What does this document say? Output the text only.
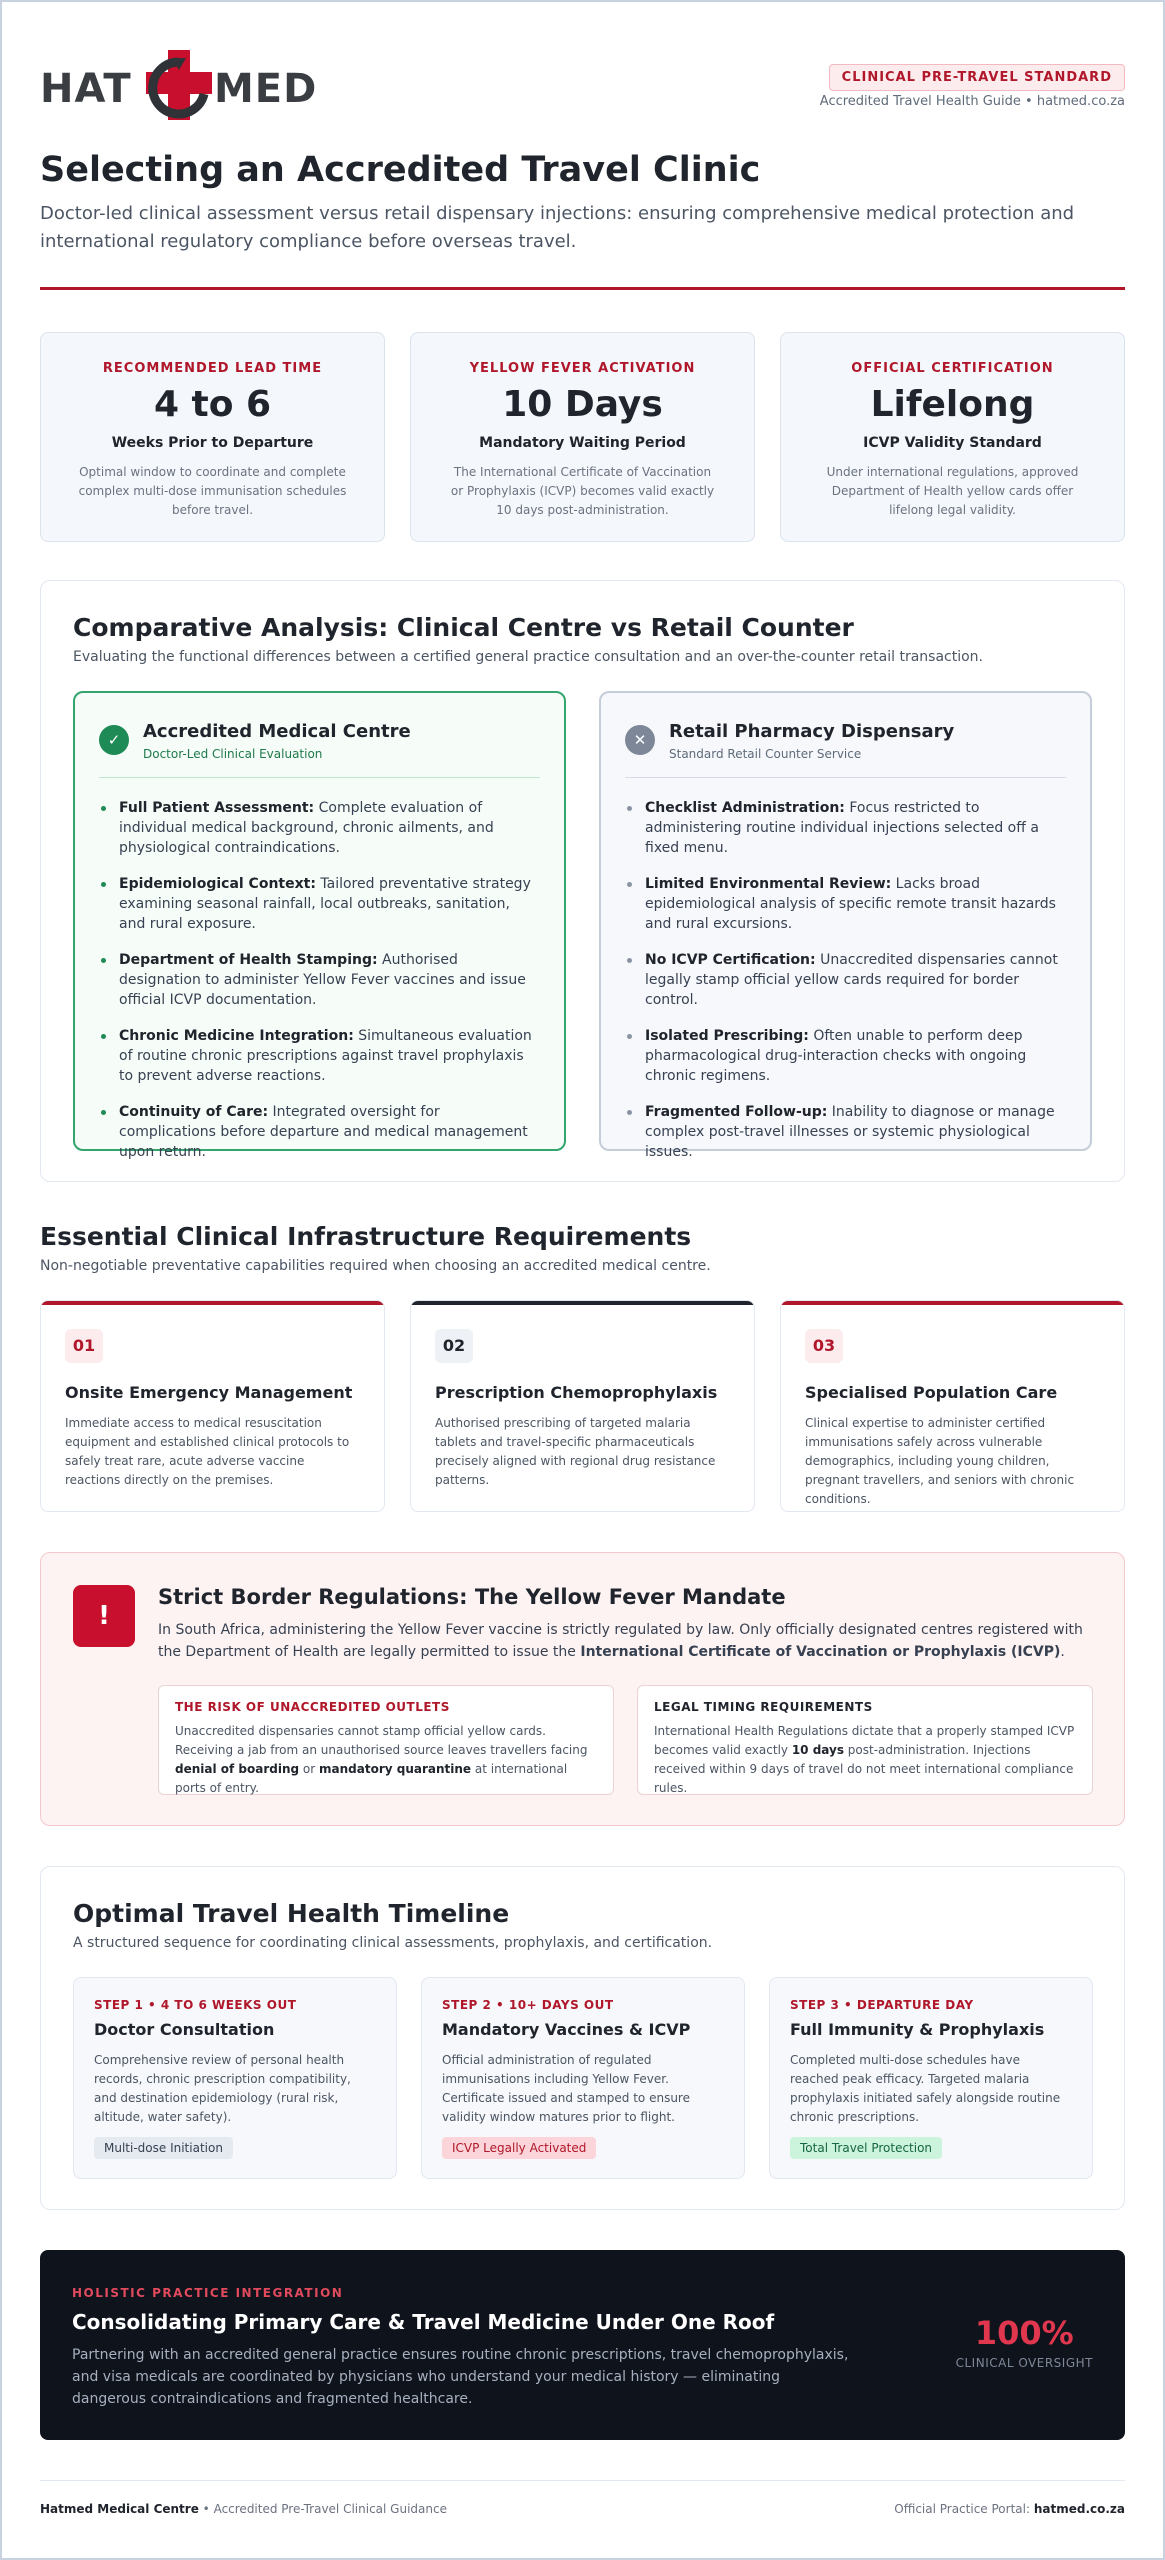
HAT MED	CLINICAL PRE-TRAVEL STANDARD
Accredited Travel Health Guide • hatmed.co.za
Selecting an Accredited Travel Clinic

Doctor-led clinical assessment versus retail dispensary injections: ensuring comprehensive medical protection and international regulatory compliance before overseas travel.

RECOMMENDED LEAD TIME
4 to 6
Weeks Prior to Departure
Optimal window to coordinate and complete complex multi-dose immunisation schedules before travel.
YELLOW FEVER ACTIVATION
10 Days
Mandatory Waiting Period
The International Certificate of Vaccination or Prophylaxis (ICVP) becomes valid exactly 10 days post-administration.
OFFICIAL CERTIFICATION
Lifelong
ICVP Validity Standard
Under international regulations, approved Department of Health yellow cards offer lifelong legal validity.
Comparative Analysis: Clinical Centre vs Retail Counter

Evaluating the functional differences between a certified general practice consultation and an over-the-counter retail transaction.

✓	Accredited Medical Centre
Doctor-Led Clinical Evaluation
Full Patient Assessment: Complete evaluation of individual medical background, chronic ailments, and physiological contraindications.
Epidemiological Context: Tailored preventative strategy examining seasonal rainfall, local outbreaks, sanitation, and rural exposure.
Department of Health Stamping: Authorised designation to administer Yellow Fever vaccines and issue official ICVP documentation.
Chronic Medicine Integration: Simultaneous evaluation of routine chronic prescriptions against travel prophylaxis to prevent adverse reactions.
Continuity of Care: Integrated oversight for complications before departure and medical management upon return.
✕	Retail Pharmacy Dispensary
Standard Retail Counter Service
Checklist Administration: Focus restricted to administering routine individual injections selected off a fixed menu.
Limited Environmental Review: Lacks broad epidemiological analysis of specific remote transit hazards and rural excursions.
No ICVP Certification: Unaccredited dispensaries cannot legally stamp official yellow cards required for border control.
Isolated Prescribing: Often unable to perform deep pharmacological drug-interaction checks with ongoing chronic regimens.
Fragmented Follow-up: Inability to diagnose or manage complex post-travel illnesses or systemic physiological issues.
Essential Clinical Infrastructure Requirements

Non-negotiable preventative capabilities required when choosing an accredited medical centre.

01
Onsite Emergency Management
Immediate access to medical resuscitation equipment and established clinical protocols to safely treat rare, acute adverse vaccine reactions directly on the premises.
02
Prescription Chemoprophylaxis
Authorised prescribing of targeted malaria tablets and travel-specific pharmaceuticals precisely aligned with regional drug resistance patterns.
03
Specialised Population Care
Clinical expertise to administer certified immunisations safely across vulnerable demographics, including young children, pregnant travellers, and seniors with chronic conditions.
!
Strict Border Regulations: The Yellow Fever Mandate

In South Africa, administering the Yellow Fever vaccine is strictly regulated by law. Only officially designated centres registered with the Department of Health are legally permitted to issue the International Certificate of Vaccination or Prophylaxis (ICVP).

THE RISK OF UNACCREDITED OUTLETS

Unaccredited dispensaries cannot stamp official yellow cards. Receiving a jab from an unauthorised source leaves travellers facing denial of boarding or mandatory quarantine at international ports of entry.

LEGAL TIMING REQUIREMENTS

International Health Regulations dictate that a properly stamped ICVP becomes valid exactly 10 days post-administration. Injections received within 9 days of travel do not meet international compliance rules.

Optimal Travel Health Timeline

A structured sequence for coordinating clinical assessments, prophylaxis, and certification.

STEP 1 • 4 TO 6 WEEKS OUT
Doctor Consultation
Comprehensive review of personal health records, chronic prescription compatibility, and destination epidemiology (rural risk, altitude, water safety).
Multi-dose Initiation
STEP 2 • 10+ DAYS OUT
Mandatory Vaccines & ICVP
Official administration of regulated immunisations including Yellow Fever. Certificate issued and stamped to ensure validity window matures prior to flight.
ICVP Legally Activated
STEP 3 • DEPARTURE DAY
Full Immunity & Prophylaxis
Completed multi-dose schedules have reached peak efficacy. Targeted malaria prophylaxis initiated safely alongside routine chronic prescriptions.
Total Travel Protection
HOLISTIC PRACTICE INTEGRATION
Consolidating Primary Care & Travel Medicine Under One Roof

Partnering with an accredited general practice ensures routine chronic prescriptions, travel chemoprophylaxis, and visa medicals are coordinated by physicians who understand your medical history — eliminating dangerous contraindications and fragmented healthcare.

100%
CLINICAL OVERSIGHT
Hatmed Medical Centre • Accredited Pre-Travel Clinical Guidance	Official Practice Portal: hatmed.co.za
